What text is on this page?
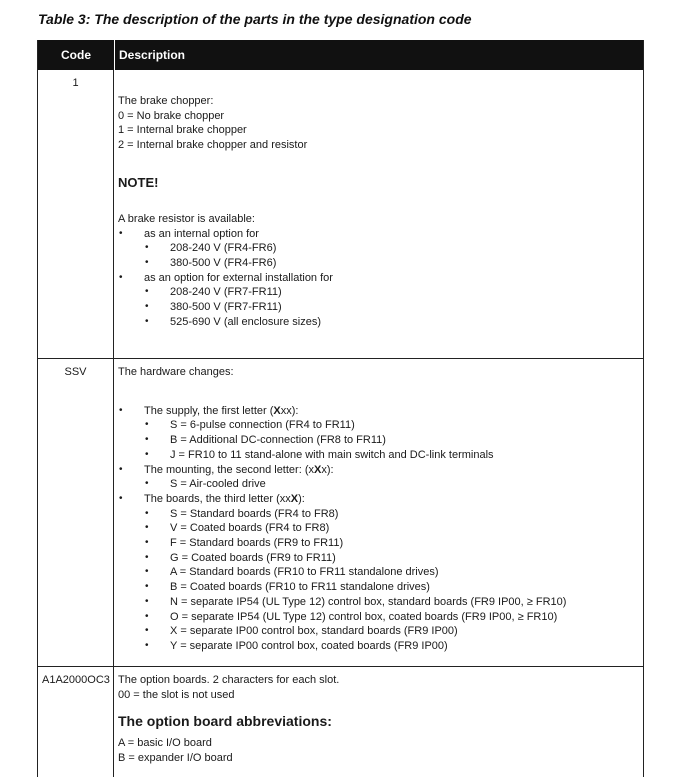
Table 3: The description of the parts in the type designation code
Code	Description
1
The brake chopper:
0 = No brake chopper
1 = Internal brake chopper
2 = Internal brake chopper and resistor
NOTE!
A brake resistor is available:
• as an internal option for
• 208-240 V (FR4-FR6)
• 380-500 V (FR4-FR6)
• as an option for external installation for
• 208-240 V (FR7-FR11)
• 380-500 V (FR7-FR11)
• 525-690 V (all enclosure sizes)
SSV	The hardware changes:
• The supply, the first letter (Xxx):
• S = 6-pulse connection (FR4 to FR11)
• B = Additional DC-connection (FR8 to FR11)
• J = FR10 to 11 stand-alone with main switch and DC-link terminals
• The mounting, the second letter: (xXx):
• S = Air-cooled drive
• The boards, the third letter (xxX):
• S = Standard boards (FR4 to FR8)
• V = Coated boards (FR4 to FR8)
• F = Standard boards (FR9 to FR11)
• G = Coated boards (FR9 to FR11)
• A = Standard boards (FR10 to FR11 standalone drives)
• B = Coated boards (FR10 to FR11 standalone drives)
• N = separate IP54 (UL Type 12) control box, standard boards (FR9 IP00, ≥ FR10)
• O = separate IP54 (UL Type 12) control box, coated boards (FR9 IP00, ≥ FR10)
• X = separate IP00 control box, standard boards (FR9 IP00)
• Y = separate IP00 control box, coated boards (FR9 IP00)
A1A2000OC3 The option boards. 2 characters for each slot.
00 = the slot is not used
The option board abbreviations:
A = basic I/O board
B = expander I/O board
